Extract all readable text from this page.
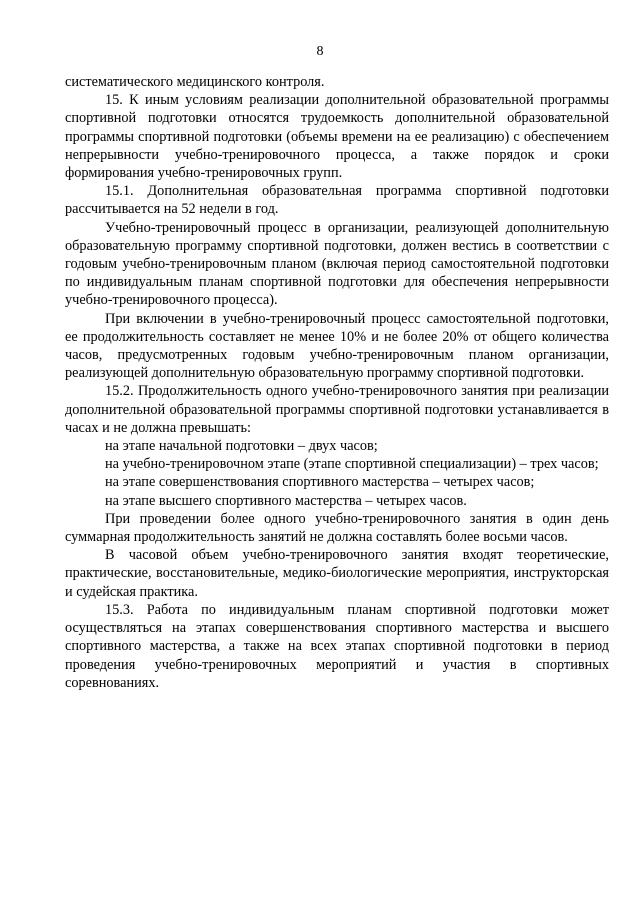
8

систематического медицинского контроля.

15. К иным условиям реализации дополнительной образовательной программы спортивной подготовки относятся трудоемкость дополнительной образовательной программы спортивной подготовки (объемы времени на ее реализацию) с обеспечением непрерывности учебно-тренировочного процесса, а также порядок и сроки формирования учебно-тренировочных групп.

15.1. Дополнительная образовательная программа спортивной подготовки рассчитывается на 52 недели в год.

Учебно-тренировочный процесс в организации, реализующей дополнительную образовательную программу спортивной подготовки, должен вестись в соответствии с годовым учебно-тренировочным планом (включая период самостоятельной подготовки по индивидуальным планам спортивной подготовки для обеспечения непрерывности учебно-тренировочного процесса).

При включении в учебно-тренировочный процесс самостоятельной подготовки, ее продолжительность составляет не менее 10% и не более 20% от общего количества часов, предусмотренных годовым учебно-тренировочным планом организации, реализующей дополнительную образовательную программу спортивной подготовки.

15.2. Продолжительность одного учебно-тренировочного занятия при реализации дополнительной образовательной программы спортивной подготовки устанавливается в часах и не должна превышать:

на этапе начальной подготовки – двух часов;

на учебно-тренировочном этапе (этапе спортивной специализации) – трех часов;

на этапе совершенствования спортивного мастерства – четырех часов;

на этапе высшего спортивного мастерства – четырех часов.

При проведении более одного учебно-тренировочного занятия в один день суммарная продолжительность занятий не должна составлять более восьми часов.

В часовой объем учебно-тренировочного занятия входят теоретические, практические, восстановительные, медико-биологические мероприятия, инструкторская и судейская практика.

15.3. Работа по индивидуальным планам спортивной подготовки может осуществляться на этапах совершенствования спортивного мастерства и высшего спортивного мастерства, а также на всех этапах спортивной подготовки в период проведения учебно-тренировочных мероприятий и участия в спортивных соревнованиях.
